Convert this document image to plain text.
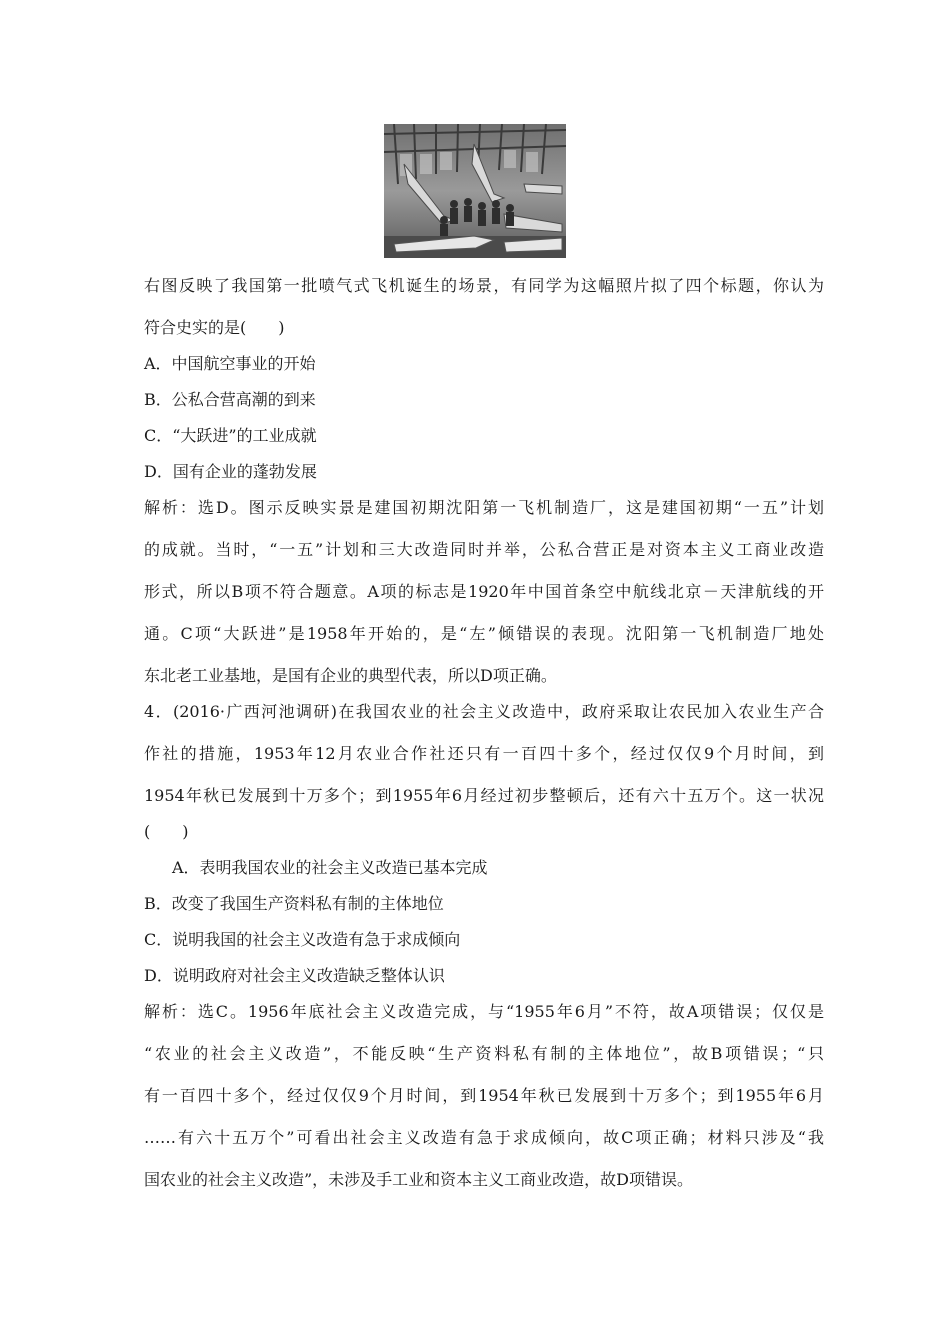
右图反映了我国第一批喷气式飞机诞生的场景，有同学为这幅照片拟了四个标题，你认为
符合史实的是(　　)
A．中国航空事业的开始
B．公私合营高潮的到来
C．“大跃进”的工业成就
D．国有企业的蓬勃发展
解析：选D。图示反映实景是建国初期沈阳第一飞机制造厂，这是建国初期“一五”计划
的成就。当时，“一五”计划和三大改造同时并举，公私合营正是对资本主义工商业改造
形式，所以B项不符合题意。A项的标志是1920年中国首条空中航线北京－天津航线的开
通。C项“大跃进”是1958年开始的，是“左”倾错误的表现。沈阳第一飞机制造厂地处
东北老工业基地，是国有企业的典型代表，所以D项正确。
4．(2016·广西河池调研)在我国农业的社会主义改造中，政府采取让农民加入农业生产合
作社的措施，1953年12月农业合作社还只有一百四十多个，经过仅仅9个月时间，到
1954年秋已发展到十万多个；到1955年6月经过初步整顿后，还有六十五万个。这一状况
(　　)
A．表明我国农业的社会主义改造已基本完成
B．改变了我国生产资料私有制的主体地位
C．说明我国的社会主义改造有急于求成倾向
D．说明政府对社会主义改造缺乏整体认识
解析：选C。1956年底社会主义改造完成，与“1955年6月”不符，故A项错误；仅仅是
“农业的社会主义改造”，不能反映“生产资料私有制的主体地位”，故B项错误；“只
有一百四十多个，经过仅仅9个月时间，到1954年秋已发展到十万多个；到1955年6月
……有六十五万个”可看出社会主义改造有急于求成倾向，故C项正确；材料只涉及“我
国农业的社会主义改造”，未涉及手工业和资本主义工商业改造，故D项错误。
